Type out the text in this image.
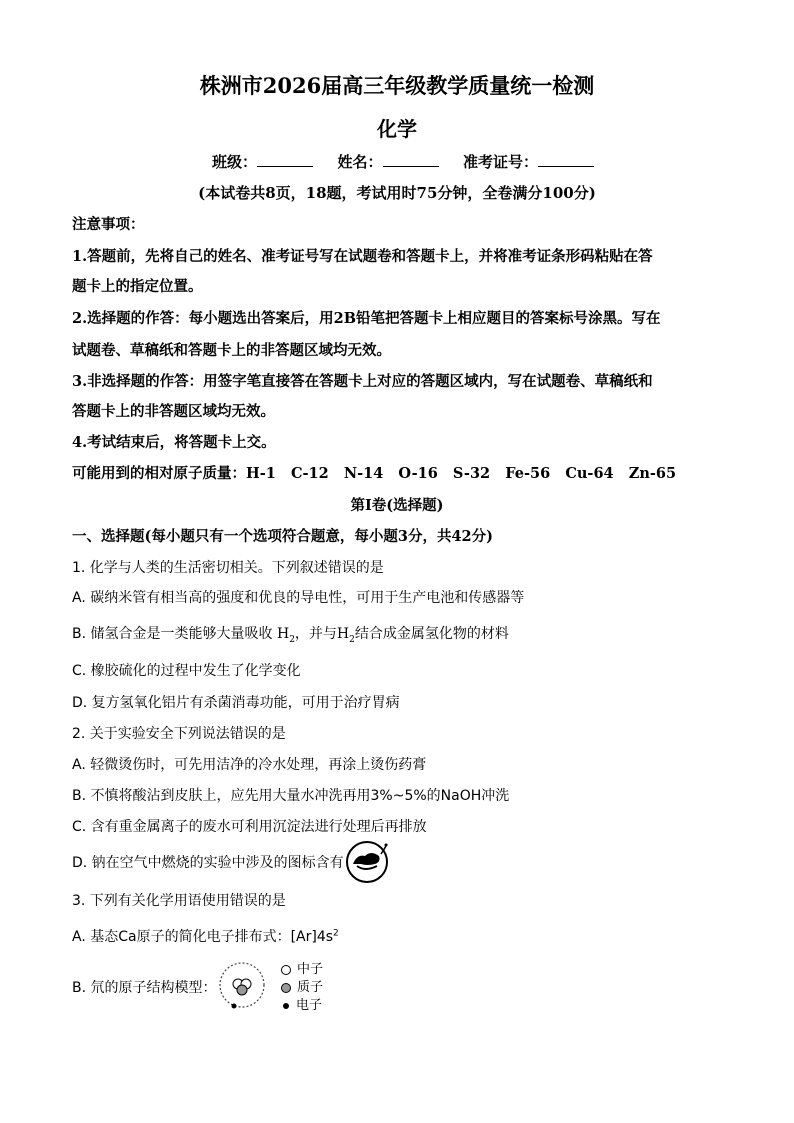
株洲市2026届高三年级教学质量统一检测
化学
班级：	姓名：	准考证号：
(本试卷共8页，18题，考试用时75分钟，全卷满分100分)
注意事项：
1.答题前，先将自己的姓名、准考证号写在试题卷和答题卡上，并将准考证条形码粘贴在答
题卡上的指定位置。
2.选择题的作答：每小题选出答案后，用2B铅笔把答题卡上相应题目的答案标号涂黑。写在
试题卷、草稿纸和答题卡上的非答题区域均无效。
3.非选择题的作答：用签字笔直接答在答题卡上对应的答题区域内，写在试题卷、草稿纸和
答题卡上的非答题区域均无效。
4.考试结束后，将答题卡上交。
可能用到的相对原子质量：H-1   C-12   N-14   O-16   S-32   Fe-56   Cu-64   Zn-65
第Ⅰ卷(选择题)
一、选择题(每小题只有一个选项符合题意，每小题3分，共42分)
1. 化学与人类的生活密切相关。下列叙述错误的是
A. 碳纳米管有相当高的强度和优良的导电性，可用于生产电池和传感器等
B. 储氢合金是一类能够大量吸收 $H_2$，并与$H_2$结合成金属氢化物的材料
C. 橡胶硫化的过程中发生了化学变化
D. 复方氢氧化铝片有杀菌消毒功能，可用于治疗胃病
2. 关于实验安全下列说法错误的是
A. 轻微烫伤时，可先用洁净的冷水处理，再涂上烫伤药膏
B. 不慎将酸沾到皮肤上，应先用大量水冲洗再用3%~5%的NaOH冲洗
C. 含有重金属离子的废水可利用沉淀法进行处理后再排放
D. 钠在空气中燃烧的实验中涉及的图标含有
3. 下列有关化学用语使用错误的是
A. 基态Ca原子的简化电子排布式：$[Ar]4s^2$
B. 氘的原子结构模型：
中子
质子
电子
